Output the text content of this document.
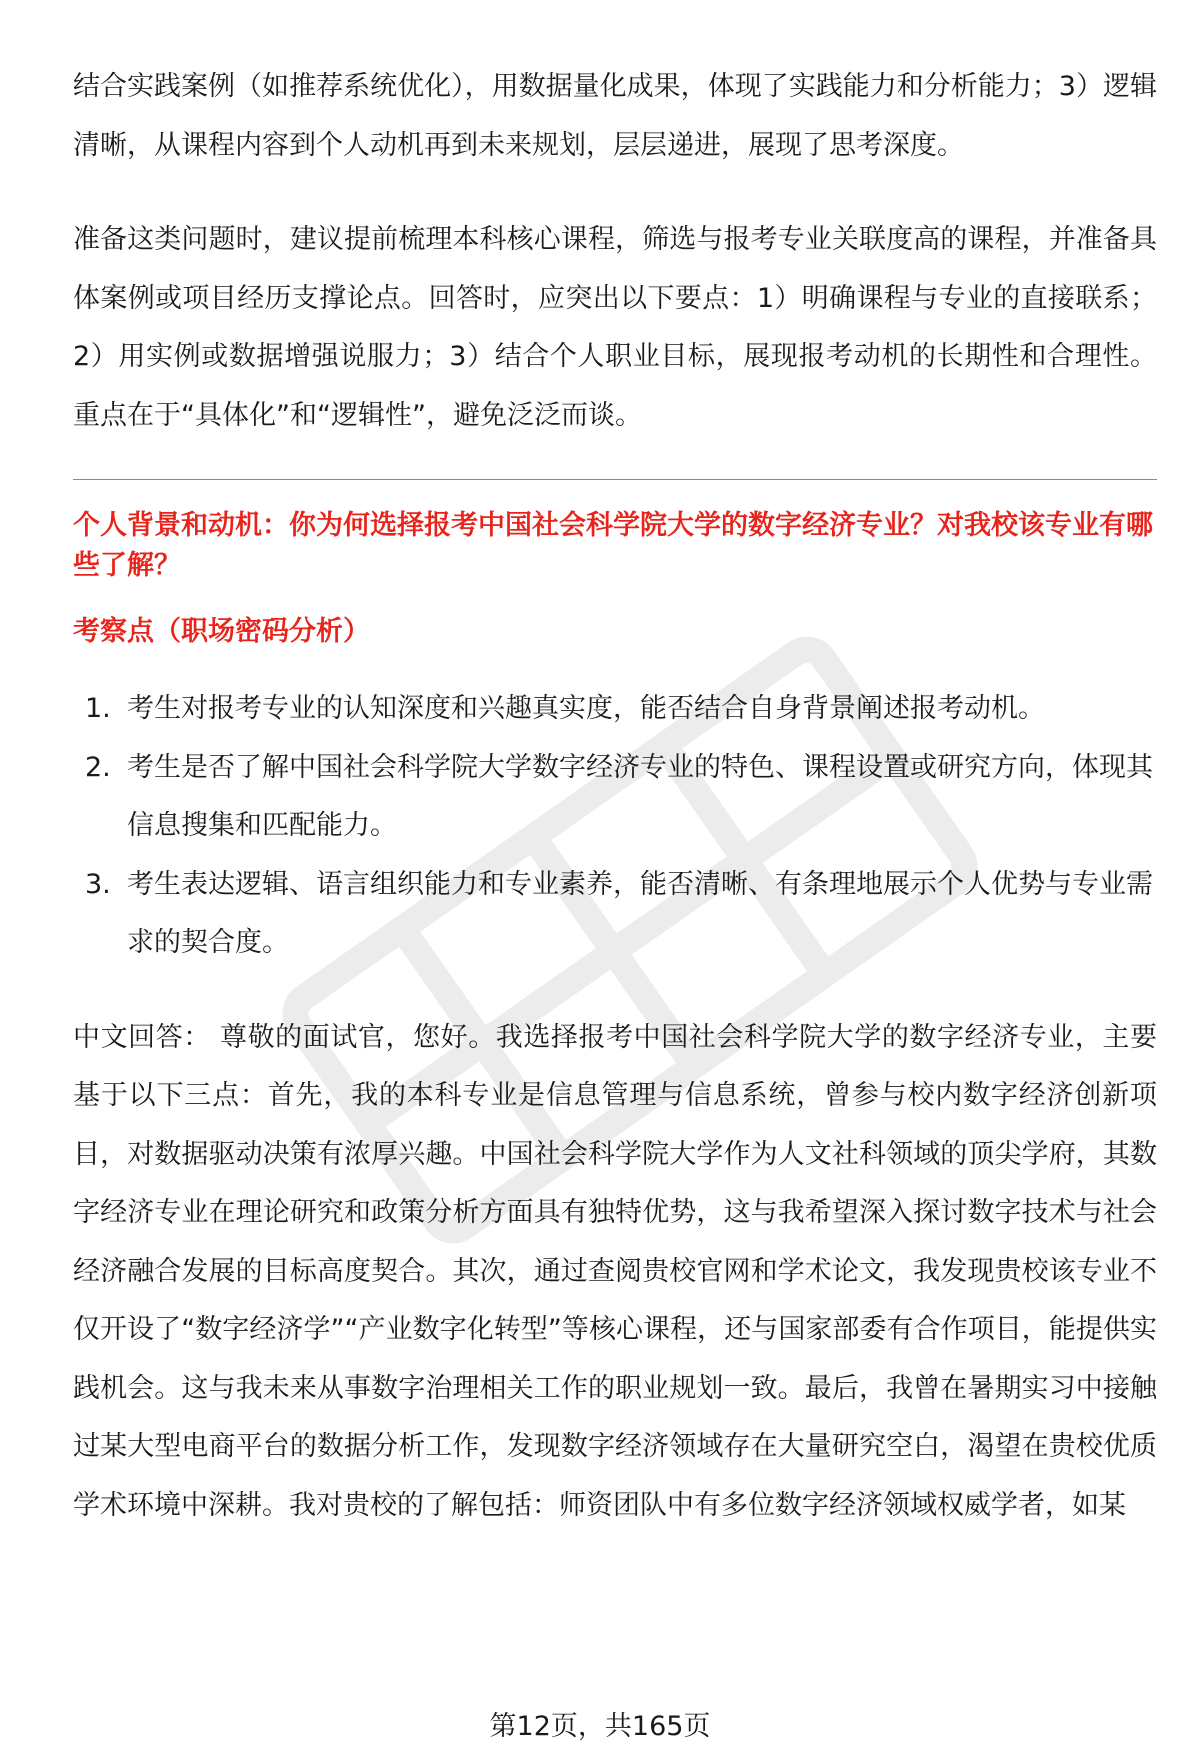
结合实践案例（如推荐系统优化），用数据量化成果，体现了实践能力和分析能力；3）逻辑清晰，从课程内容到个人动机再到未来规划，层层递进，展现了思考深度。

准备这类问题时，建议提前梳理本科核心课程，筛选与报考专业关联度高的课程，并准备具体案例或项目经历支撑论点。回答时，应突出以下要点：1）明确课程与专业的直接联系；2）用实例或数据增强说服力；3）结合个人职业目标，展现报考动机的长期性和合理性。重点在于“具体化”和“逻辑性”，避免泛泛而谈。

个人背景和动机：你为何选择报考中国社会科学院大学的数字经济专业？对我校该专业有哪些了解？

考察点（职场密码分析）

1. 考生对报考专业的认知深度和兴趣真实度，能否结合自身背景阐述报考动机。
2. 考生是否了解中国社会科学院大学数字经济专业的特色、课程设置或研究方向，体现其信息搜集和匹配能力。
3. 考生表达逻辑、语言组织能力和专业素养，能否清晰、有条理地展示个人优势与专业需求的契合度。

中文回答： 尊敬的面试官，您好。我选择报考中国社会科学院大学的数字经济专业，主要基于以下三点：首先，我的本科专业是信息管理与信息系统，曾参与校内数字经济创新项目，对数据驱动决策有浓厚兴趣。中国社会科学院大学作为人文社科领域的顶尖学府，其数字经济专业在理论研究和政策分析方面具有独特优势，这与我希望深入探讨数字技术与社会经济融合发展的目标高度契合。其次，通过查阅贵校官网和学术论文，我发现贵校该专业不仅开设了“数字经济学”“产业数字化转型”等核心课程，还与国家部委有合作项目，能提供实践机会。这与我未来从事数字治理相关工作的职业规划一致。最后，我曾在暑期实习中接触过某大型电商平台的数据分析工作，发现数字经济领域存在大量研究空白，渴望在贵校优质学术环境中深耕。我对贵校的了解包括：师资团队中有多位数字经济领域权威学者，如某

第12页，共165页
